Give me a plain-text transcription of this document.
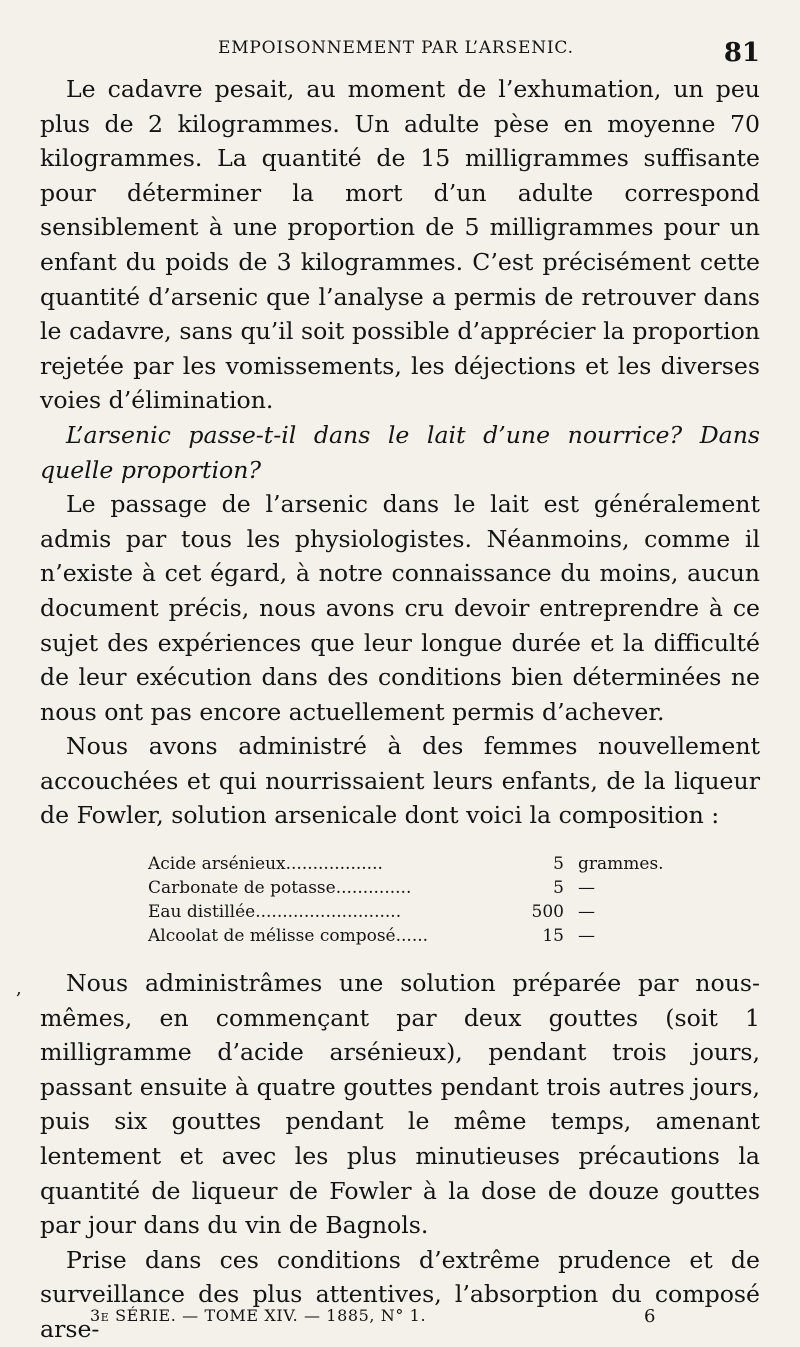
EMPOISONNEMENT PAR L’ARSENIC.	81

Le cadavre pesait, au moment de l’exhumation, un peu plus de 2 kilogrammes. Un adulte pèse en moyenne 70 kilogrammes. La quantité de 15 milligrammes suffisante pour déterminer la mort d’un adulte correspond sensiblement à une proportion de 5 milligrammes pour un enfant du poids de 3 kilogrammes. C’est précisément cette quantité d’arsenic que l’analyse a permis de retrouver dans le cadavre, sans qu’il soit possible d’apprécier la proportion rejetée par les vomissements, les déjections et les diverses voies d’élimination.

L’arsenic passe-t-il dans le lait d’une nourrice? Dans quelle proportion?

Le passage de l’arsenic dans le lait est généralement admis par tous les physiologistes. Néanmoins, comme il n’existe à cet égard, à notre connaissance du moins, aucun document précis, nous avons cru devoir entreprendre à ce sujet des expériences que leur longue durée et la difficulté de leur exécution dans des conditions bien déterminées ne nous ont pas encore actuellement permis d’achever.

Nous avons administré à des femmes nouvellement accouchées et qui nourrissaient leurs enfants, de la liqueur de Fowler, solution arsenicale dont voici la composition :

Acide arsénieux..................	5 grammes.
Carbonate de potasse..............	5 —
Eau distillée...........................	500 —
Alcoolat de mélisse composé......	15 —
,	Nous administrâmes une solution préparée par nous-mêmes, en commençant par deux gouttes (soit 1 milligramme d’acide arsénieux), pendant trois jours, passant ensuite à quatre gouttes pendant trois autres jours, puis six gouttes pendant le même temps, amenant lentement et avec les plus minutieuses précautions la quantité de liqueur de Fowler à la dose de douze gouttes par jour dans du vin de Bagnols.

Prise dans ces conditions d’extrême prudence et de surveillance des plus attentives, l’absorption du composé arse-

3e SÉRIE. — TOME XIV. — 1885, N° 1.	6
